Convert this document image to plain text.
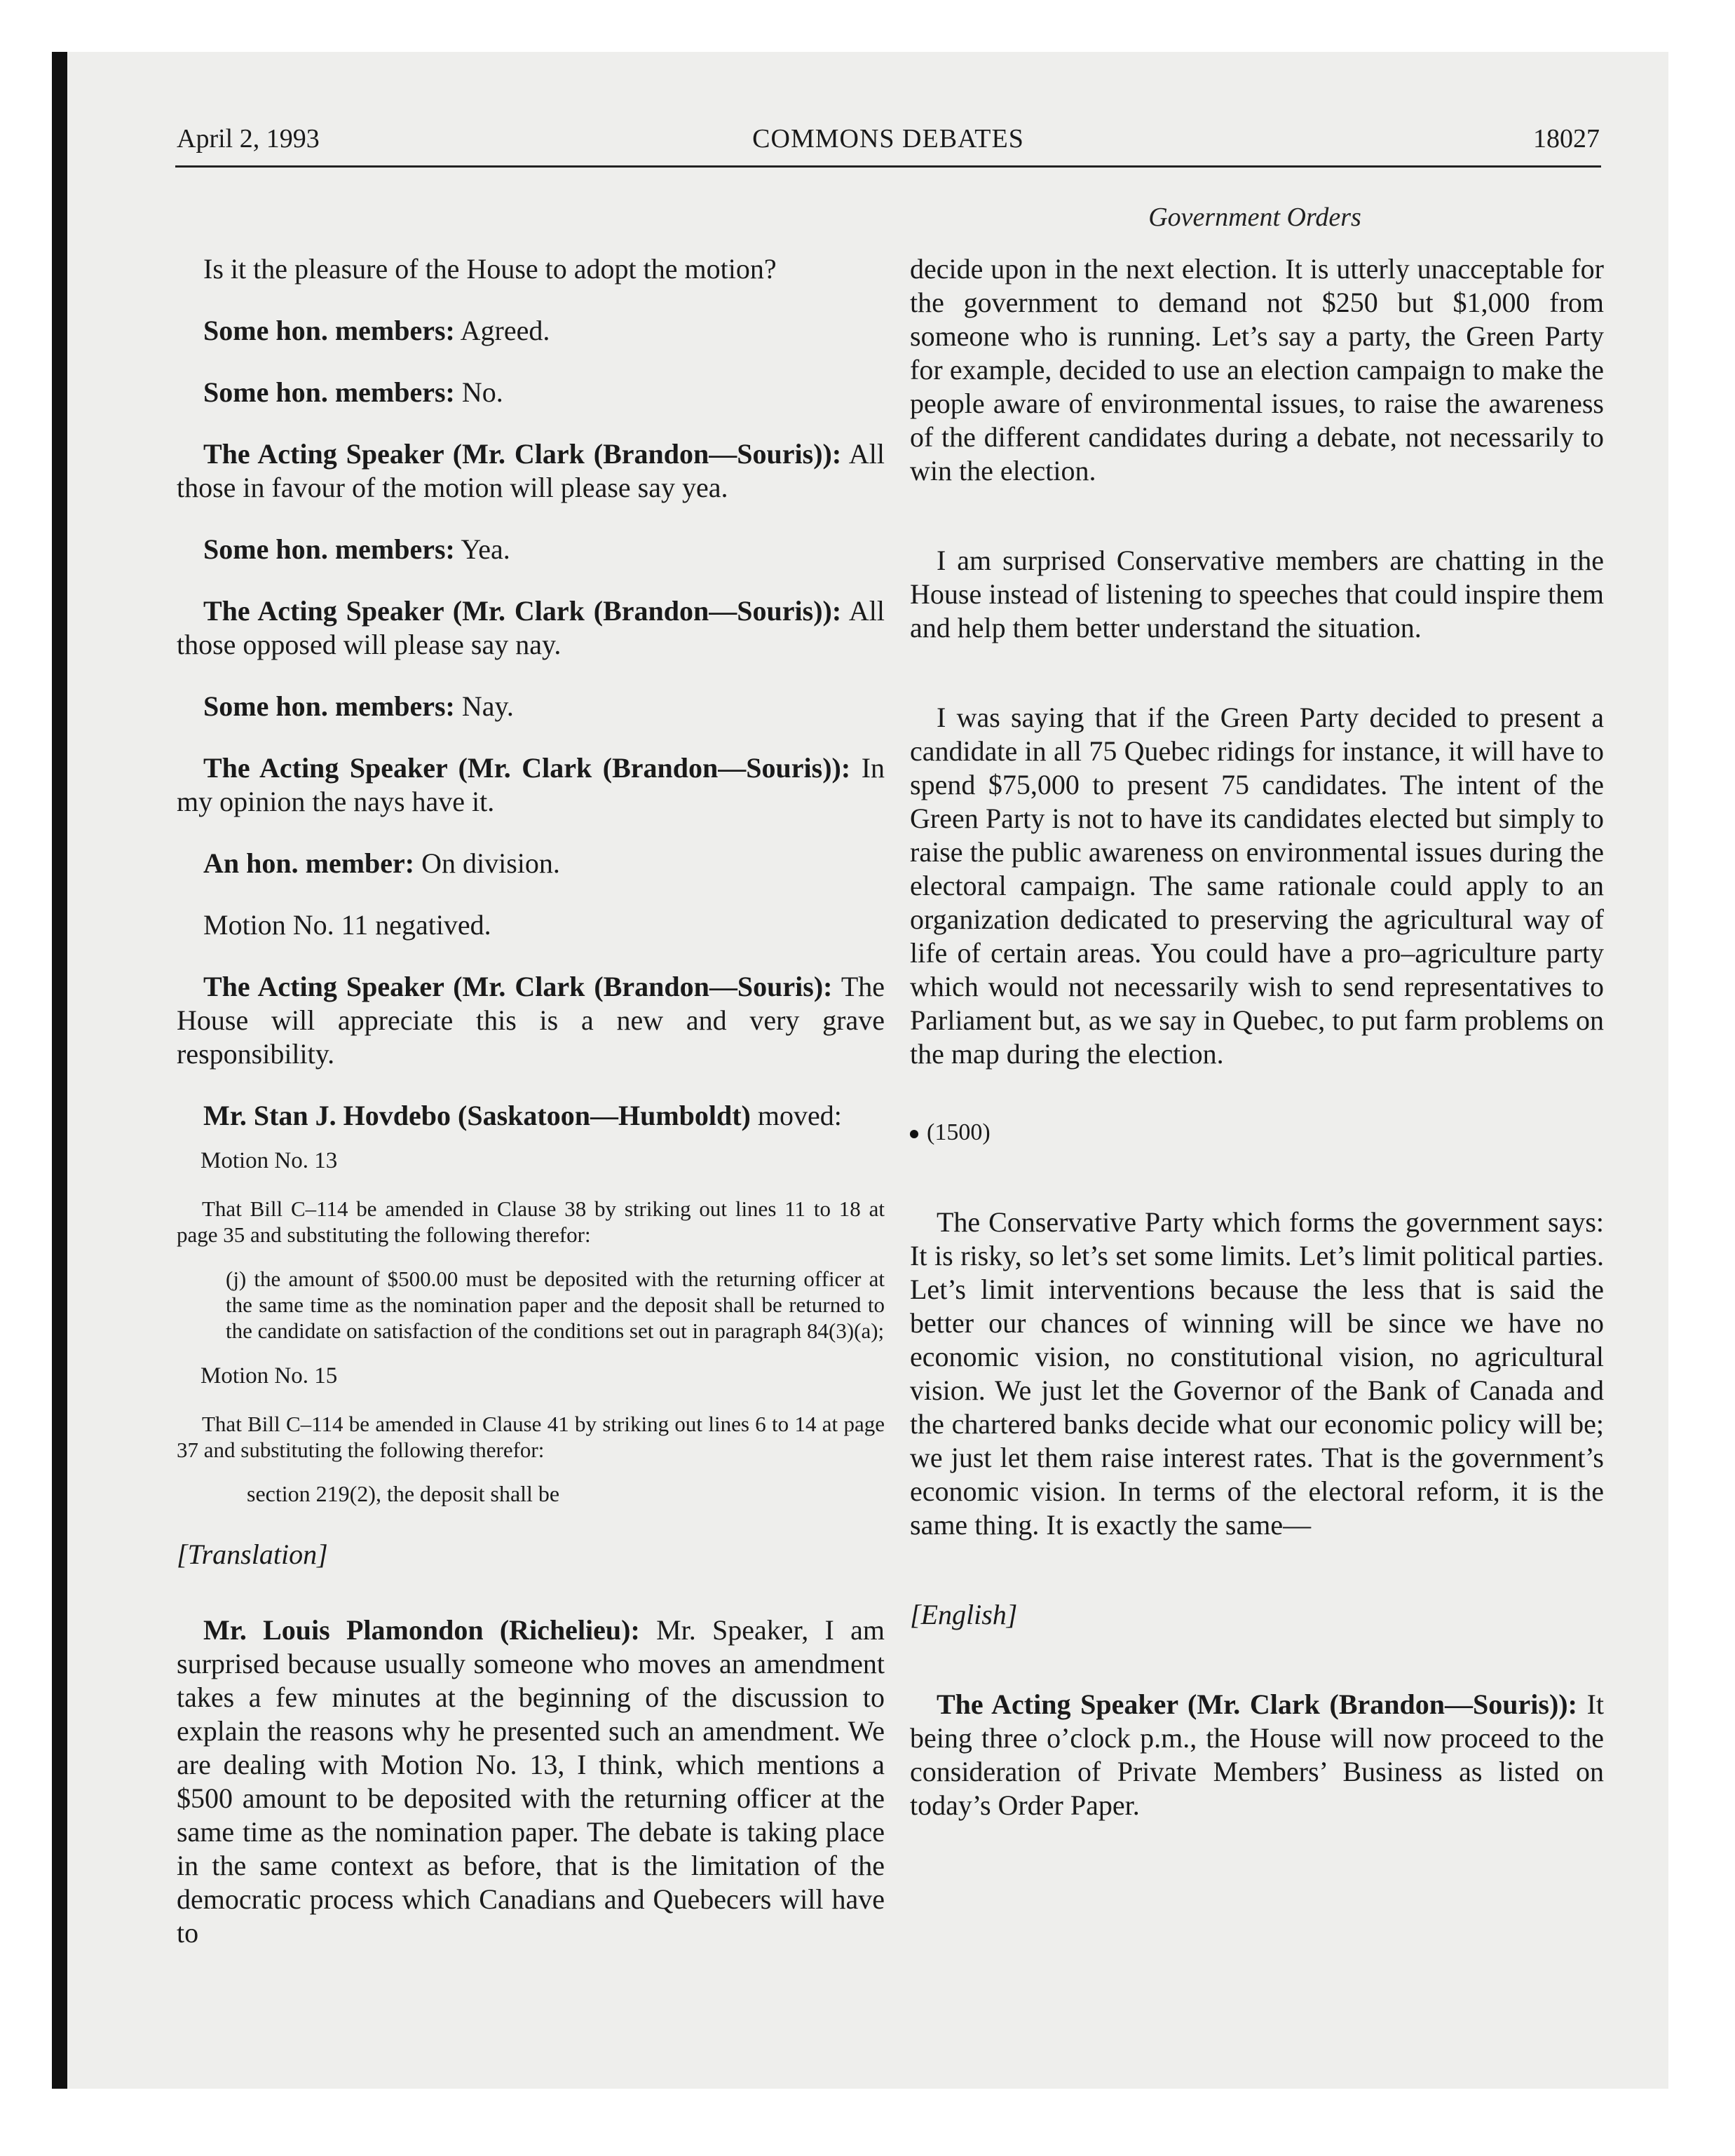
April 2, 1993	COMMONS DEBATES	18027
Government Orders

Is it the pleasure of the House to adopt the motion?

Some hon. members: Agreed.

Some hon. members: No.

The Acting Speaker (Mr. Clark (Brandon—Souris)): All those in favour of the motion will please say yea.

Some hon. members: Yea.

The Acting Speaker (Mr. Clark (Brandon—Souris)): All those opposed will please say nay.

Some hon. members: Nay.

The Acting Speaker (Mr. Clark (Brandon—Souris)): In my opinion the nays have it.

An hon. member: On division.

Motion No. 11 negatived.

The Acting Speaker (Mr. Clark (Brandon—Souris): The House will appreciate this is a new and very grave responsibility.

Mr. Stan J. Hovdebo (Saskatoon—Humboldt) moved:

Motion No. 13

That Bill C–114 be amended in Clause 38 by striking out lines 11 to 18 at page 35 and substituting the following therefor:

(j) the amount of $500.00 must be deposited with the returning officer at the same time as the nomination paper and the deposit shall be returned to the candidate on satisfaction of the conditions set out in paragraph 84(3)(a);

Motion No. 15

That Bill C–114 be amended in Clause 41 by striking out lines 6 to 14 at page 37 and substituting the following therefor:

section 219(2), the deposit shall be

[Translation]

Mr. Louis Plamondon (Richelieu): Mr. Speaker, I am surprised because usually someone who moves an amendment takes a few minutes at the beginning of the discussion to explain the reasons why he presented such an amendment. We are dealing with Motion No. 13, I think, which mentions a $500 amount to be deposited with the returning officer at the same time as the nomination paper. The debate is taking place in the same context as before, that is the limitation of the democratic process which Canadians and Quebecers will have to

decide upon in the next election. It is utterly unacceptable for the government to demand not $250 but $1,000 from someone who is running. Let’s say a party, the Green Party for example, decided to use an election campaign to make the people aware of environmental issues, to raise the awareness of the different candidates during a debate, not necessarily to win the election.

I am surprised Conservative members are chatting in the House instead of listening to speeches that could inspire them and help them better understand the situation.

I was saying that if the Green Party decided to present a candidate in all 75 Quebec ridings for instance, it will have to spend $75,000 to present 75 candidates. The intent of the Green Party is not to have its candidates elected but simply to raise the public awareness on environmental issues during the electoral campaign. The same rationale could apply to an organization dedicated to preserving the agricultural way of life of certain areas. You could have a pro–agriculture party which would not necessarily wish to send representatives to Parliament but, as we say in Quebec, to put farm problems on the map during the election.

(1500)

The Conservative Party which forms the government says: It is risky, so let’s set some limits. Let’s limit political parties. Let’s limit interventions because the less that is said the better our chances of winning will be since we have no economic vision, no constitutional vision, no agricultural vision. We just let the Governor of the Bank of Canada and the chartered banks decide what our economic policy will be; we just let them raise interest rates. That is the government’s economic vision. In terms of the electoral reform, it is the same thing. It is exactly the same—

[English]

The Acting Speaker (Mr. Clark (Brandon—Souris)): It being three o’clock p.m., the House will now proceed to the consideration of Private Members’ Business as listed on today’s Order Paper.
